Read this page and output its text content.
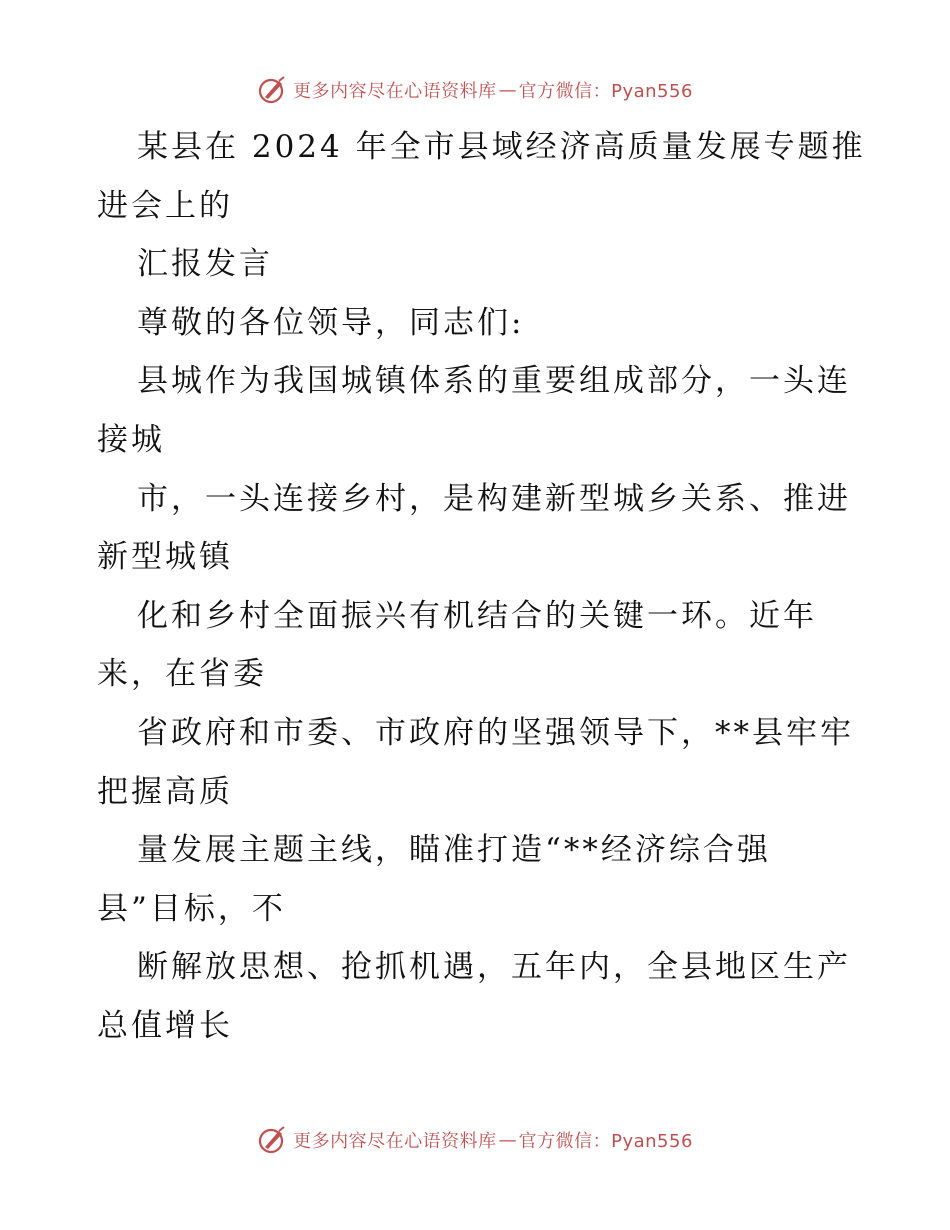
更多内容尽在心语资料库 — 官方微信：Pyan556
某县在 2024 年全市县域经济高质量发展专题推
进会上的
汇报发言
尊敬的各位领导，同志们:
县城作为我国城镇体系的重要组成部分，一头连
接城
市，一头连接乡村，是构建新型城乡关系、推进
新型城镇
化和乡村全面振兴有机结合的关键一环。近年
来，在省委
省政府和市委、市政府的坚强领导下，**县牢牢
把握高质
量发展主题主线，瞄准打造“**经济综合强
县”目标，不
断解放思想、抢抓机遇，五年内，全县地区生产
总值增长
更多内容尽在心语资料库 — 官方微信：Pyan556
